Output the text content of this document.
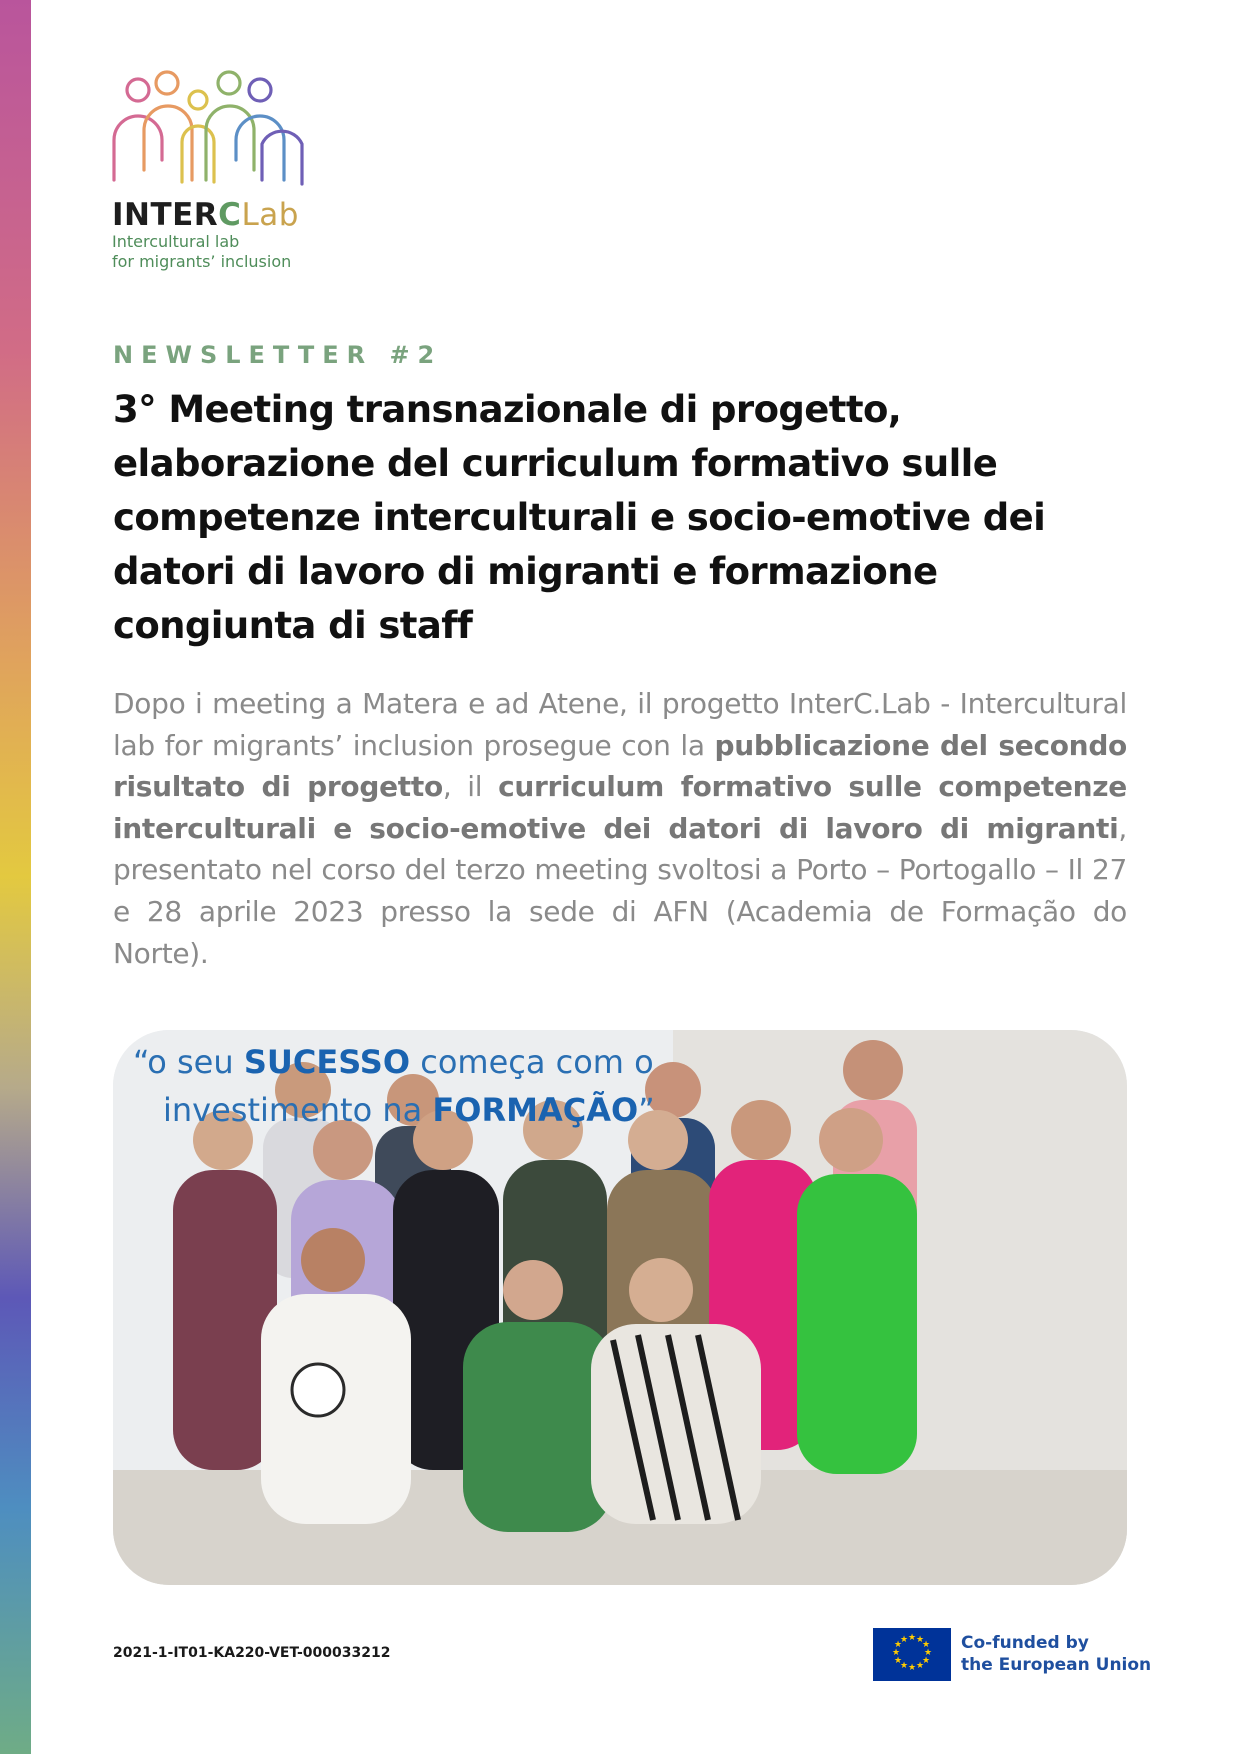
INTERCLab
Intercultural lab
for migrants’ inclusion
NEWSLETTER #2
3° Meeting transnazionale di progetto, elaborazione del curriculum formativo sulle competenze interculturali e socio-emotive dei datori di lavoro di migranti e formazione congiunta di staff

Dopo i meeting a Matera e ad Atene, il progetto InterC.Lab - Intercultural lab for migrants’ inclusion prosegue con la pubblicazione del secondo risultato di progetto, il curriculum formativo sulle competenze interculturali e socio-emotive dei datori di lavoro di migranti, presentato nel corso del terzo meeting svoltosi a Porto – Portogallo – Il 27 e 28 aprile 2023 presso la sede di AFN (Academia de Formação do Norte).

“o seu SUCESSO começa com o
investimento na FORMAÇÃO”
2021-1-IT01-KA220-VET-000033212
★ ★
★
★
★
★
★
★
★
★
★
★	Co-funded by
the European Union
